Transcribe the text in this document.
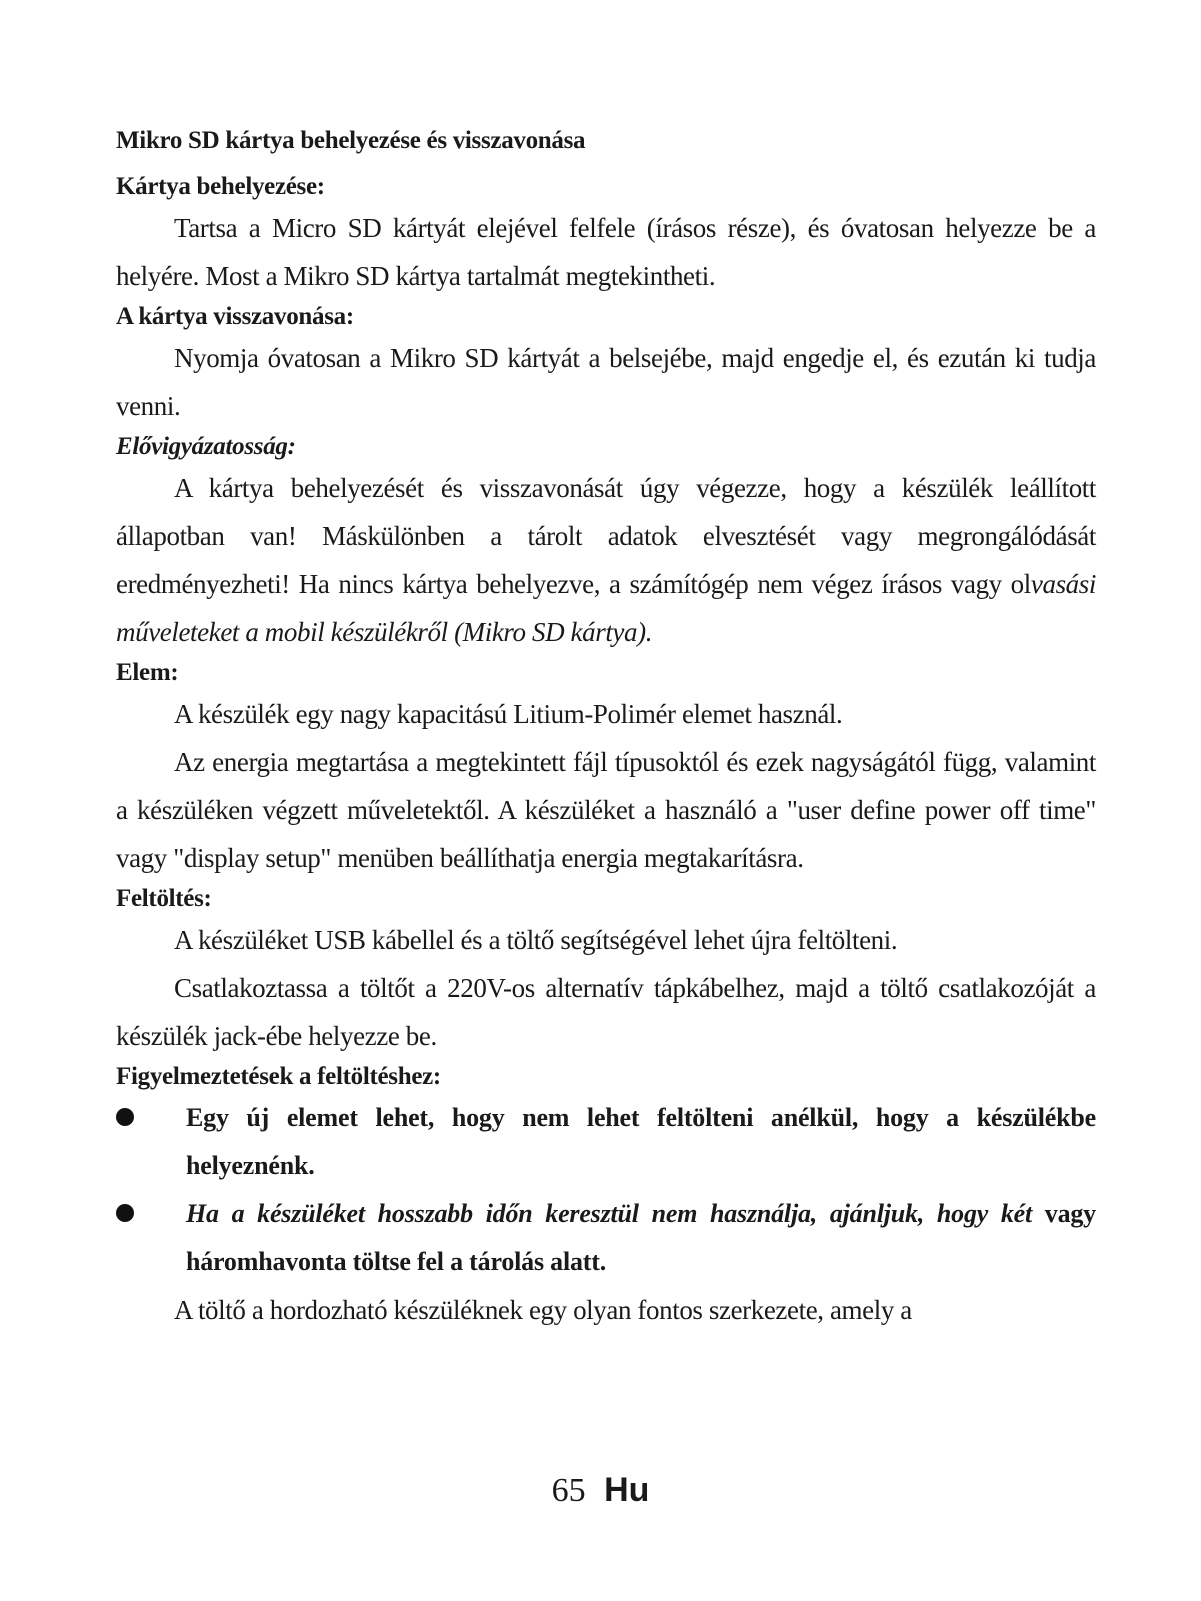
Mikro SD kártya behelyezése és visszavonása

Kártya behelyezése:

Tartsa a Micro SD kártyát elejével felfele (írásos része), és óvatosan helyezze be a helyére. Most a Mikro SD kártya tartalmát megtekintheti.

A kártya visszavonása:

Nyomja óvatosan a Mikro SD kártyát a belsejébe, majd engedje el, és ezután ki tudja venni.

Elővigyázatosság:

A kártya behelyezését és visszavonását úgy végezze, hogy a készülék leállított állapotban van! Máskülönben a tárolt adatok elvesztését vagy megrongálódását eredményezheti! Ha nincs kártya behelyezve, a számítógép nem végez írásos vagy olvasási műveleteket a mobil készülékről (Mikro SD kártya).

Elem:

A készülék egy nagy kapacitású Litium-Polimér elemet használ.

Az energia megtartása a megtekintett fájl típusoktól és ezek nagyságától függ, valamint a készüléken végzett műveletektől. A készüléket a használó a "user define power off time" vagy "display setup" menüben beállíthatja energia megtakarításra.

Feltöltés:

A készüléket USB kábellel és a töltő segítségével lehet újra feltölteni.

Csatlakoztassa a töltőt a 220V-os alternatív tápkábelhez, majd a töltő csatlakozóját a készülék jack-ébe helyezze be.

Figyelmeztetések a feltöltéshez:

Egy új elemet lehet, hogy nem lehet feltölteni anélkül, hogy a készülékbe helyeznénk.
Ha a készüléket hosszabb időn keresztül nem használja, ajánljuk, hogy két vagy háromhavonta töltse fel a tárolás alatt.

A töltő a hordozható készüléknek egy olyan fontos szerkezete, amely a

65 Hu
